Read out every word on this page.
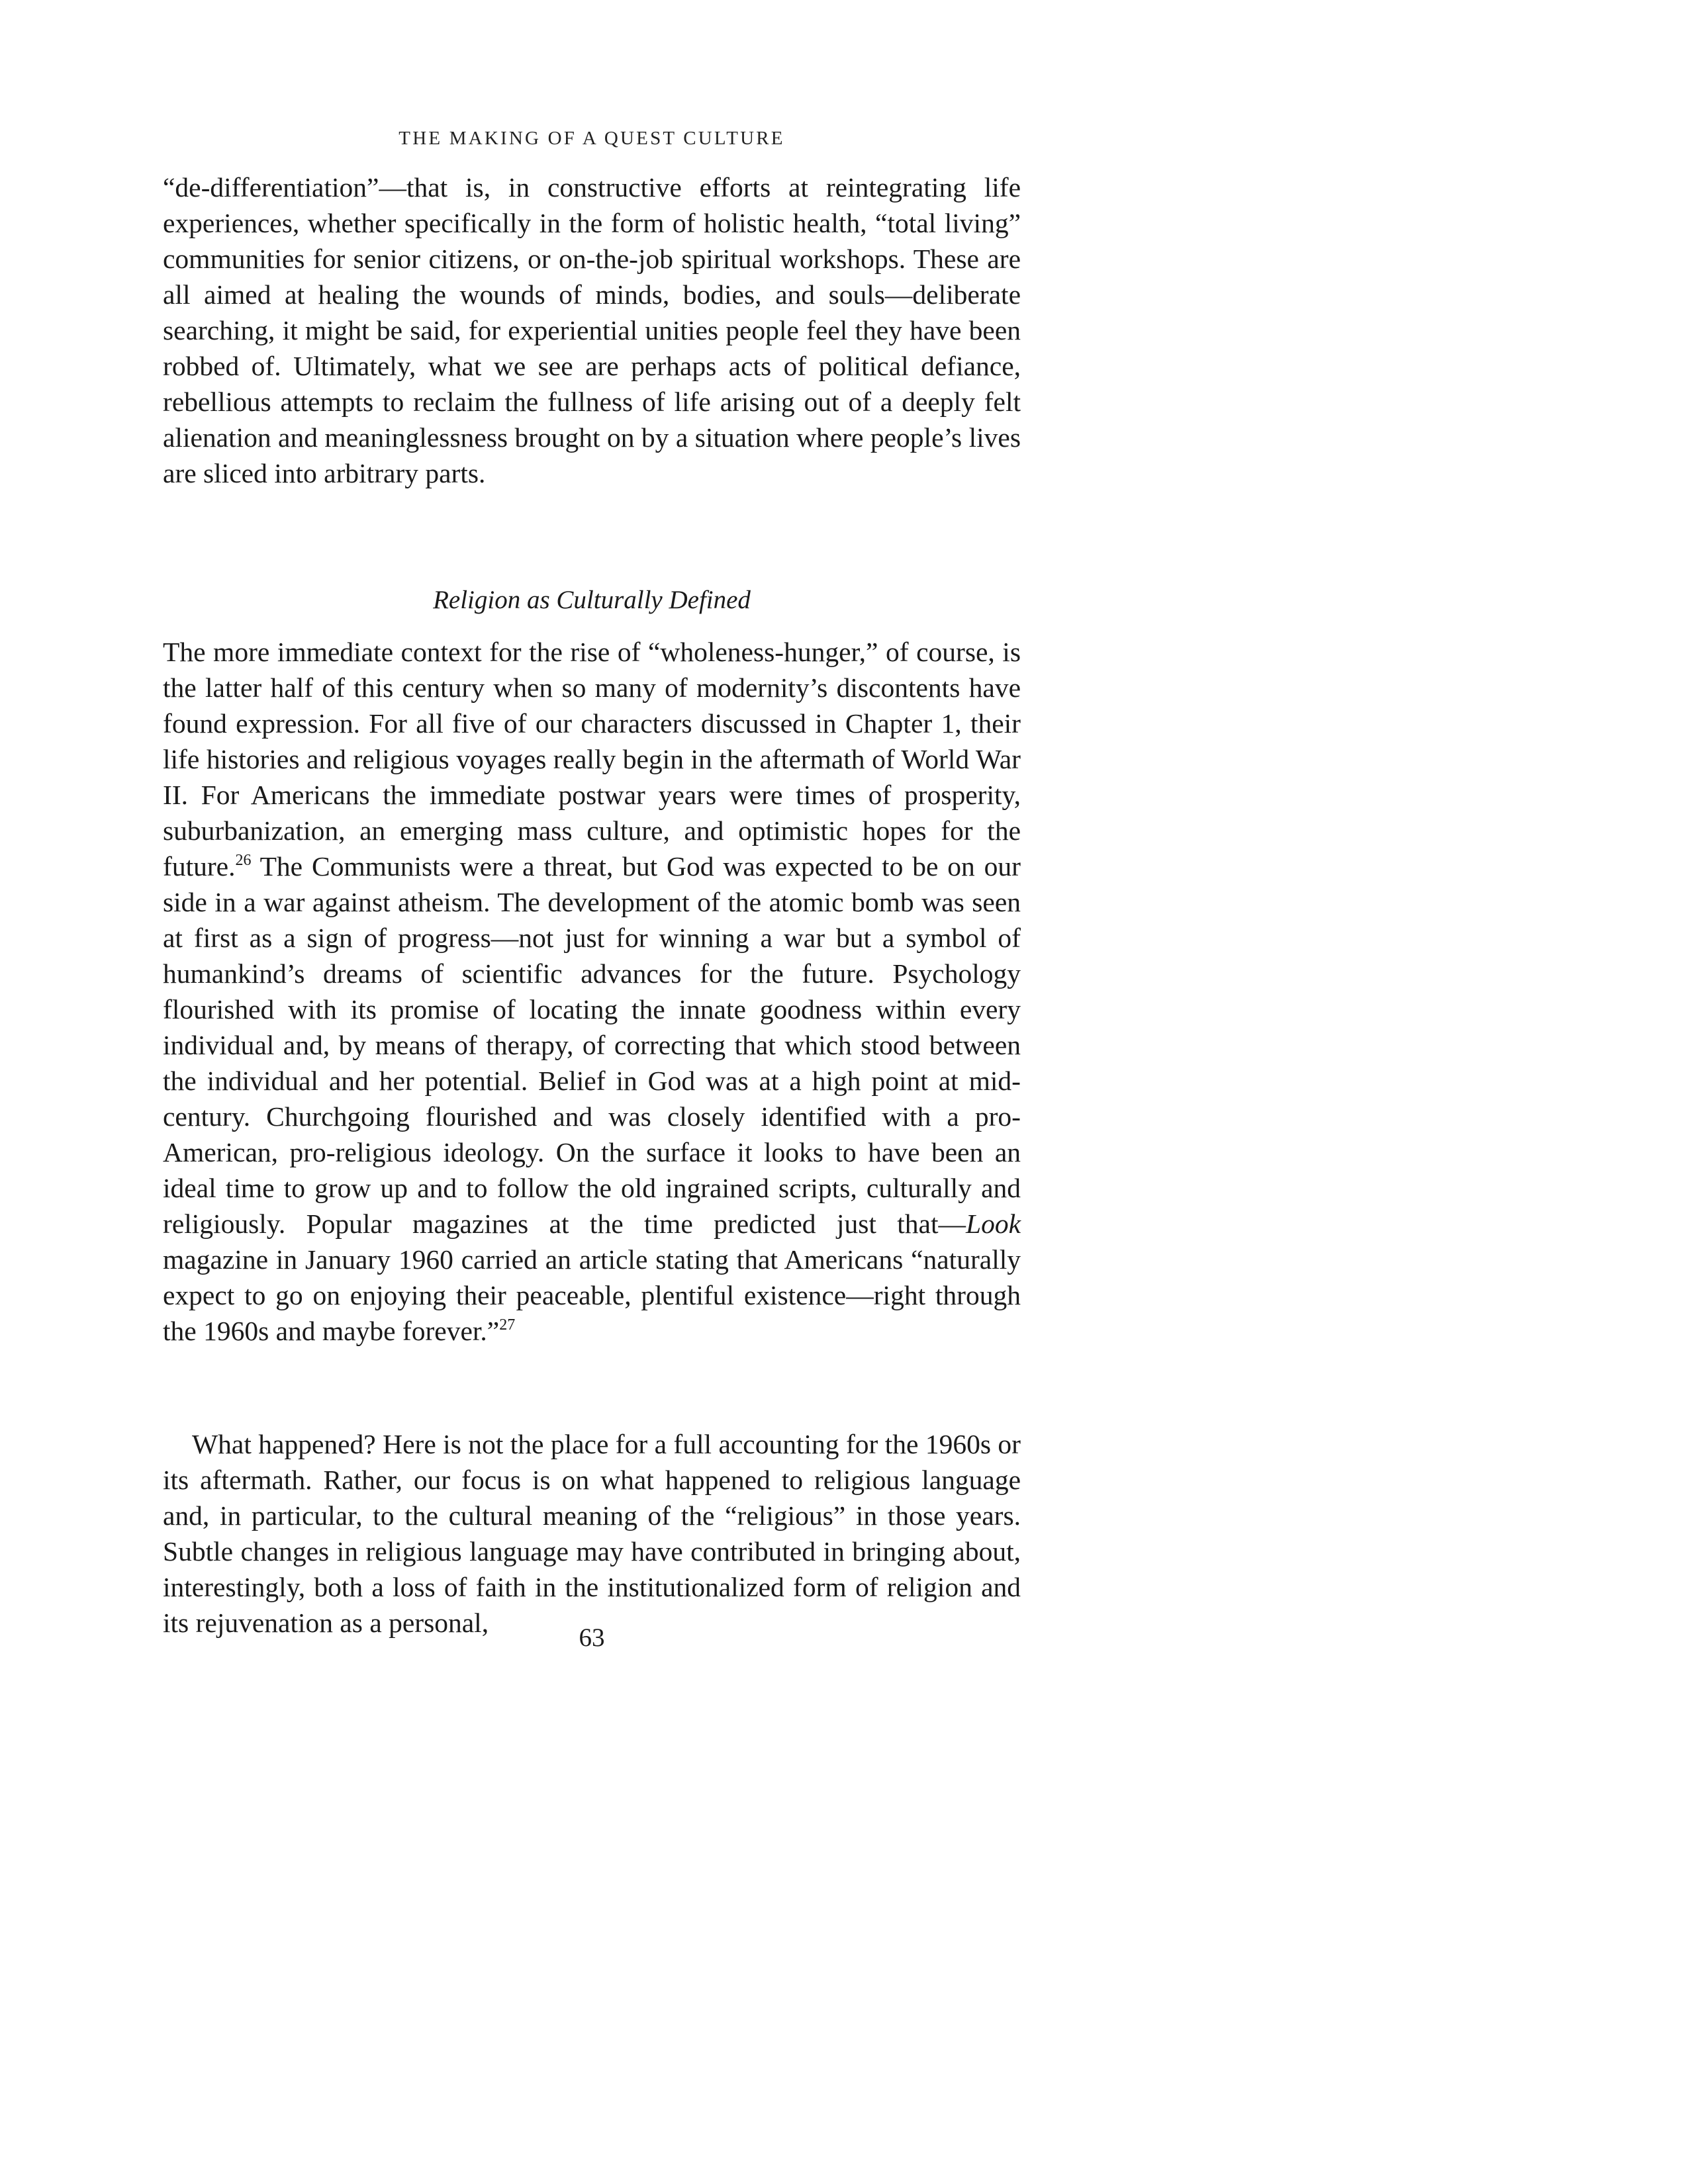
THE MAKING OF A QUEST CULTURE
“de-differentiation”—that is, in constructive efforts at reintegrating life experiences, whether specifically in the form of holistic health, “total living” communities for senior citizens, or on-the-job spiritual workshops. These are all aimed at healing the wounds of minds, bodies, and souls—deliberate searching, it might be said, for experiential unities people feel they have been robbed of. Ultimately, what we see are perhaps acts of political defiance, rebellious attempts to reclaim the fullness of life arising out of a deeply felt alienation and meaninglessness brought on by a situation where people’s lives are sliced into arbitrary parts.
Religion as Culturally Defined
The more immediate context for the rise of “wholeness-hunger,” of course, is the latter half of this century when so many of modernity’s discontents have found expression. For all five of our characters discussed in Chapter 1, their life histories and religious voyages really begin in the aftermath of World War II. For Americans the immediate postwar years were times of prosperity, suburbanization, an emerging mass culture, and optimistic hopes for the future.$^{26}$ The Communists were a threat, but God was expected to be on our side in a war against atheism. The development of the atomic bomb was seen at first as a sign of progress—not just for winning a war but a symbol of humankind’s dreams of scientific advances for the future. Psychology flourished with its promise of locating the innate goodness within every individual and, by means of therapy, of correcting that which stood between the individual and her potential. Belief in God was at a high point at mid-century. Churchgoing flourished and was closely identified with a pro-American, pro-religious ideology. On the surface it looks to have been an ideal time to grow up and to follow the old ingrained scripts, culturally and religiously. Popular magazines at the time predicted just that—Look magazine in January 1960 carried an article stating that Americans “naturally expect to go on enjoying their peaceable, plentiful existence—right through the 1960s and maybe forever.”$^{27}$
What happened? Here is not the place for a full accounting for the 1960s or its aftermath. Rather, our focus is on what happened to religious language and, in particular, to the cultural meaning of the “religious” in those years. Subtle changes in religious language may have contributed in bringing about, interestingly, both a loss of faith in the institutionalized form of religion and its rejuvenation as a personal,	63
